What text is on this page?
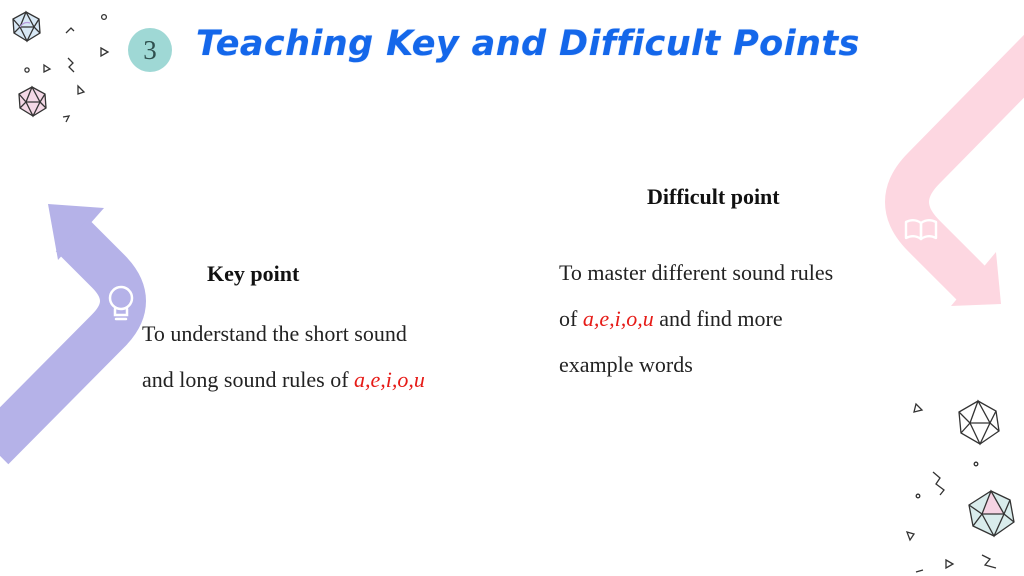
3	Teaching Key and Difficult Points
Key point

To understand the short sound
and long sound rules of a,e,i,o,u

Difficult point

To master different sound rules
of a,e,i,o,u and find more
example words
